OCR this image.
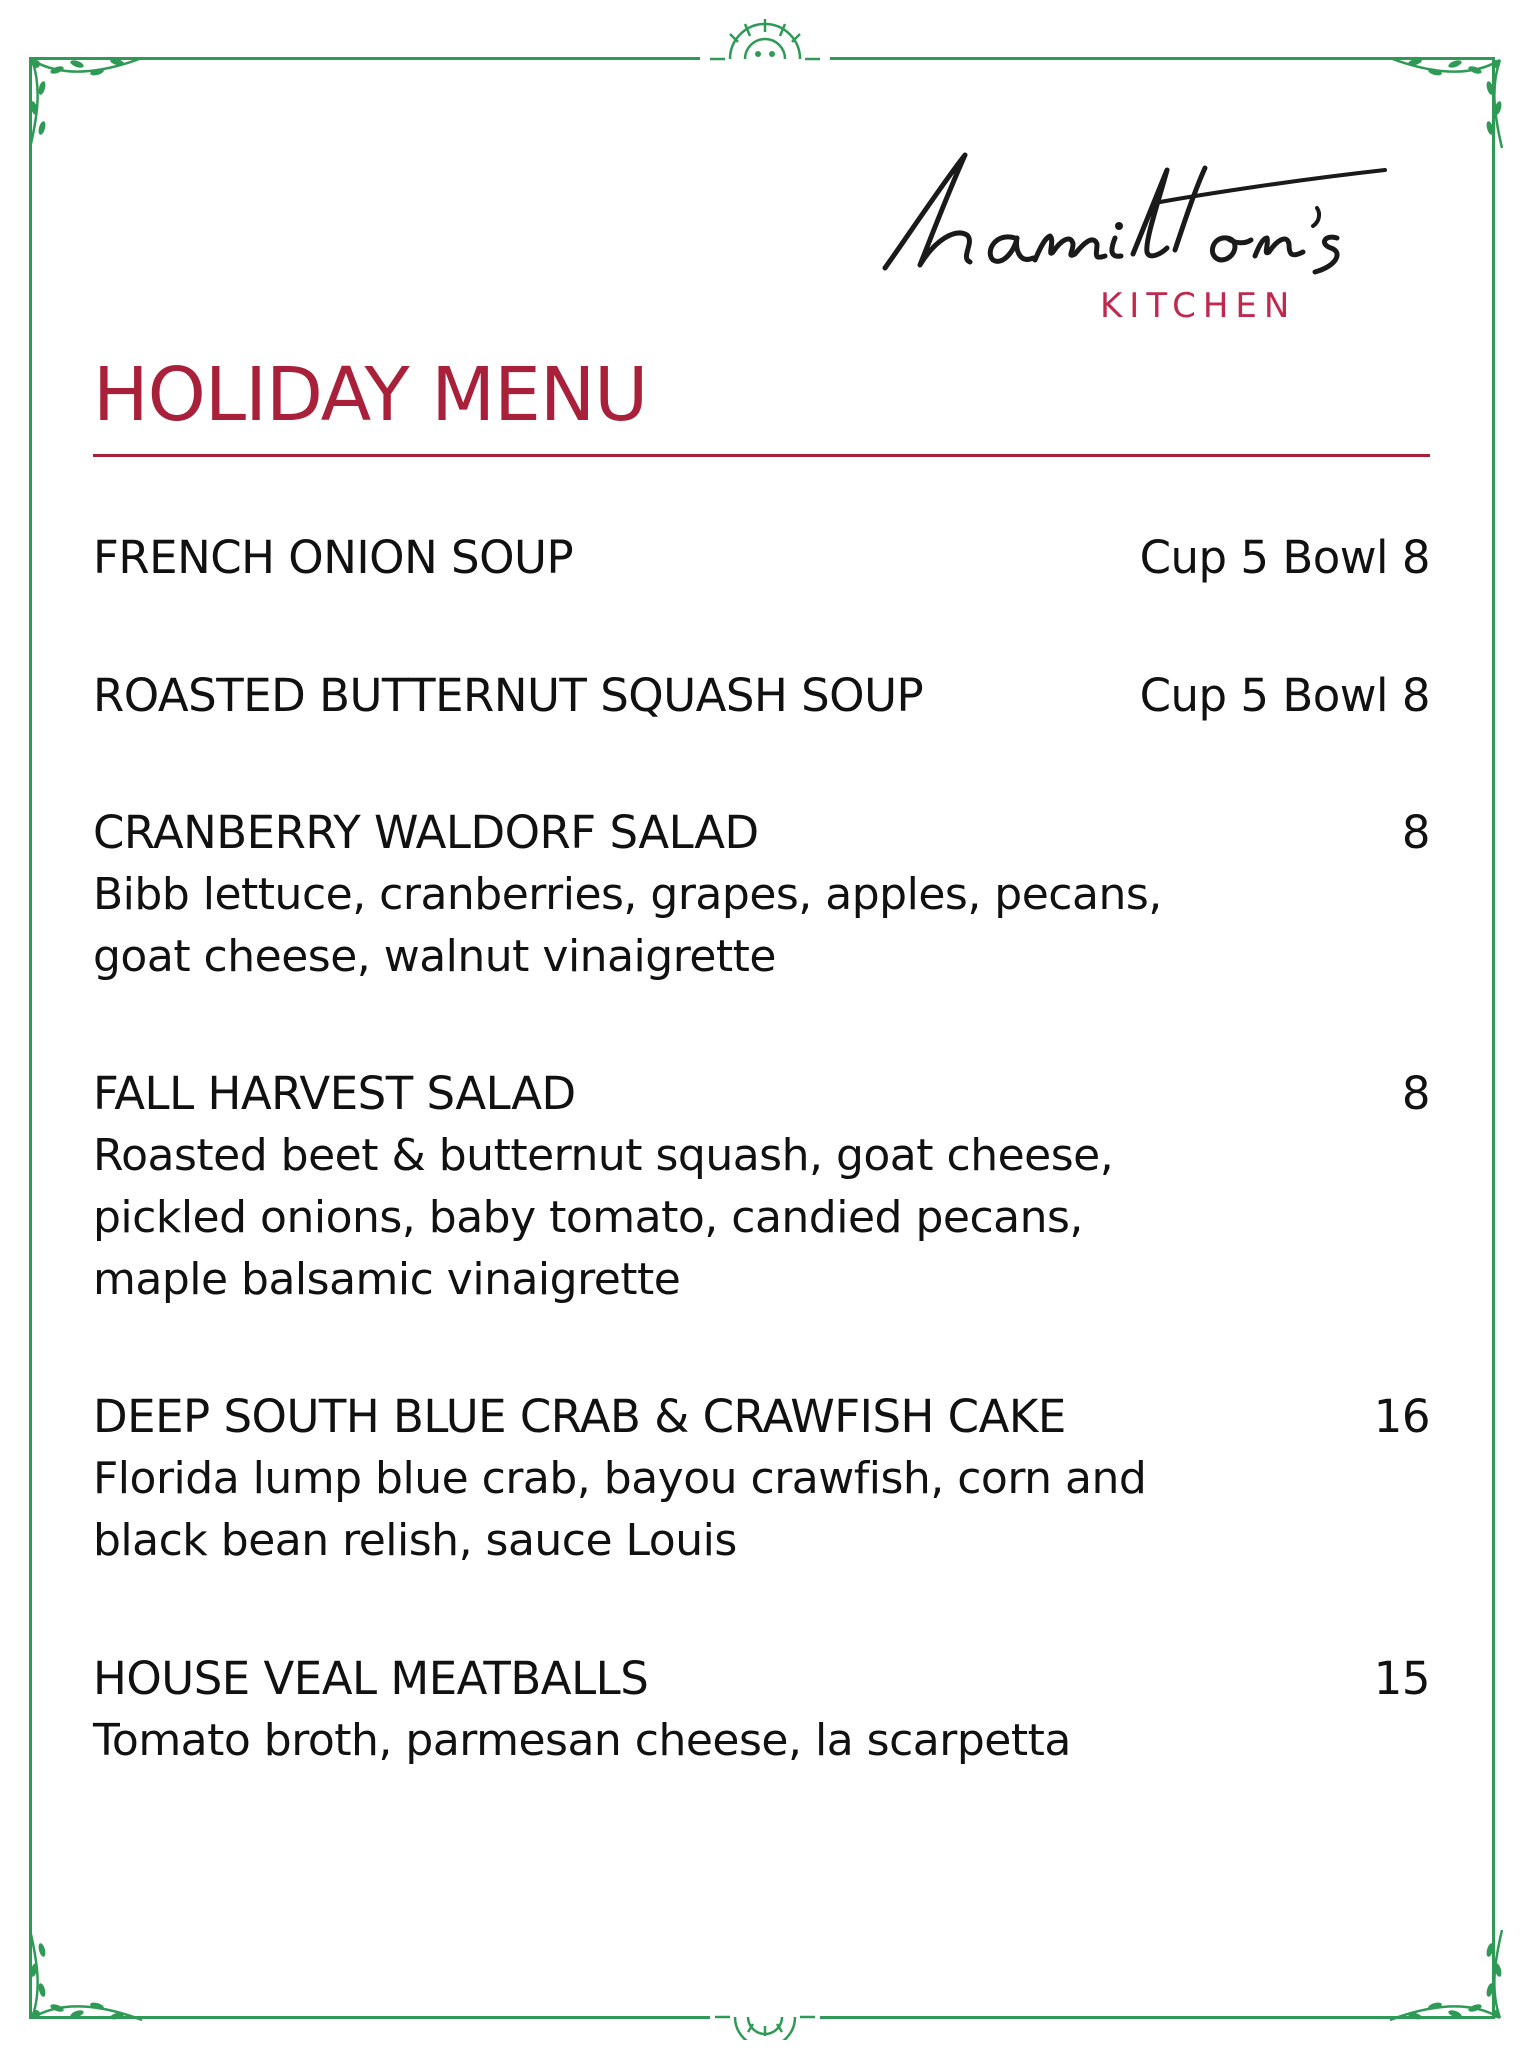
KITCHEN
HOLIDAY MENU
FRENCH ONION SOUP	Cup 5 Bowl 8
ROASTED BUTTERNUT SQUASH SOUP	Cup 5 Bowl 8
CRANBERRY WALDORF SALAD	8

Bibb lettuce, cranberries, grapes, apples, pecans,
goat cheese, walnut vinaigrette

FALL HARVEST SALAD	8

Roasted beet & butternut squash, goat cheese,
pickled onions, baby tomato, candied pecans,
maple balsamic vinaigrette

DEEP SOUTH BLUE CRAB & CRAWFISH CAKE	16

Florida lump blue crab, bayou crawfish, corn and
black bean relish, sauce Louis

HOUSE VEAL MEATBALLS	15

Tomato broth, parmesan cheese, la scarpetta
